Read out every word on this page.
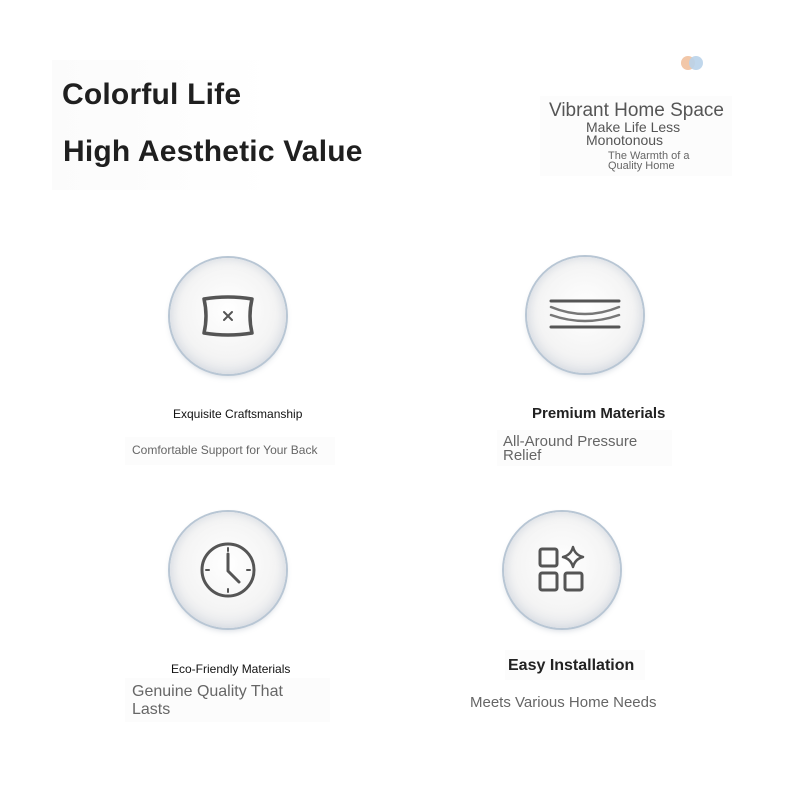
Colorful Life
High Aesthetic Value
Vibrant Home Space
Make Life Less Monotonous
The Warmth of a Quality Home
Exquisite Craftsmanship
Comfortable Support for Your Back
Premium Materials
All-Around Pressure Relief
Eco-Friendly Materials
Genuine Quality That Lasts
Easy Installation
Meets Various Home Needs
